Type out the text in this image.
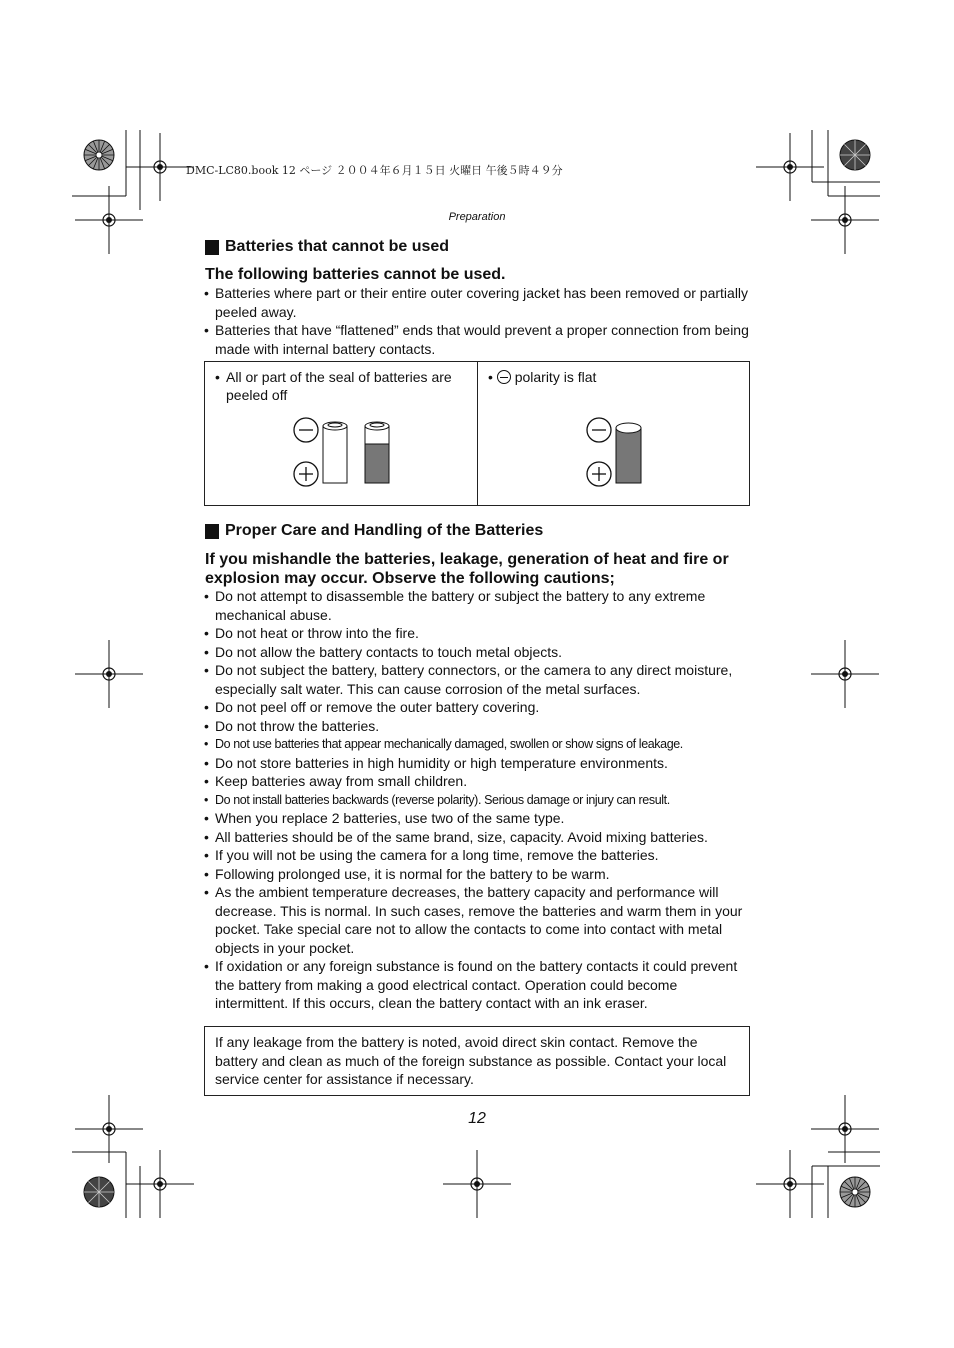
DMC-LC80.book 12 ページ ２００４年６月１５日 火曜日 午後５時４９分
Preparation
Batteries that cannot be used
The following batteries cannot be used.
• Batteries where part or their entire outer covering jacket has been removed or partially peeled away.
• Batteries that have “flattened” ends that would prevent a proper connection from being made with internal battery contacts.
• All or part of the seal of batteries are peeled off
•
polarity is flat
Proper Care and Handling of the Batteries
If you mishandle the batteries, leakage, generation of heat and fire or explosion may occur. Observe the following cautions;
• Do not attempt to disassemble the battery or subject the battery to any extreme mechanical abuse.
• Do not heat or throw into the fire.
• Do not allow the battery contacts to touch metal objects.
• Do not subject the battery, battery connectors, or the camera to any direct moisture, especially salt water. This can cause corrosion of the metal surfaces.
• Do not peel off or remove the outer battery covering.
• Do not throw the batteries.
• Do not use batteries that appear mechanically damaged, swollen or show signs of leakage.
• Do not store batteries in high humidity or high temperature environments.
• Keep batteries away from small children.
• Do not install batteries backwards (reverse polarity). Serious damage or injury can result.
• When you replace 2 batteries, use two of the same type.
• All batteries should be of the same brand, size, capacity. Avoid mixing batteries.
• If you will not be using the camera for a long time, remove the batteries.
• Following prolonged use, it is normal for the battery to be warm.
• As the ambient temperature decreases, the battery capacity and performance will decrease. This is normal. In such cases, remove the batteries and warm them in your pocket. Take special care not to allow the contacts to come into contact with metal objects in your pocket.
• If oxidation or any foreign substance is found on the battery contacts it could prevent the battery from making a good electrical contact. Operation could become intermittent. If this occurs, clean the battery contact with an ink eraser.
If any leakage from the battery is noted, avoid direct skin contact. Remove the battery and clean as much of the foreign substance as possible. Contact your local service center for assistance if necessary.
12
